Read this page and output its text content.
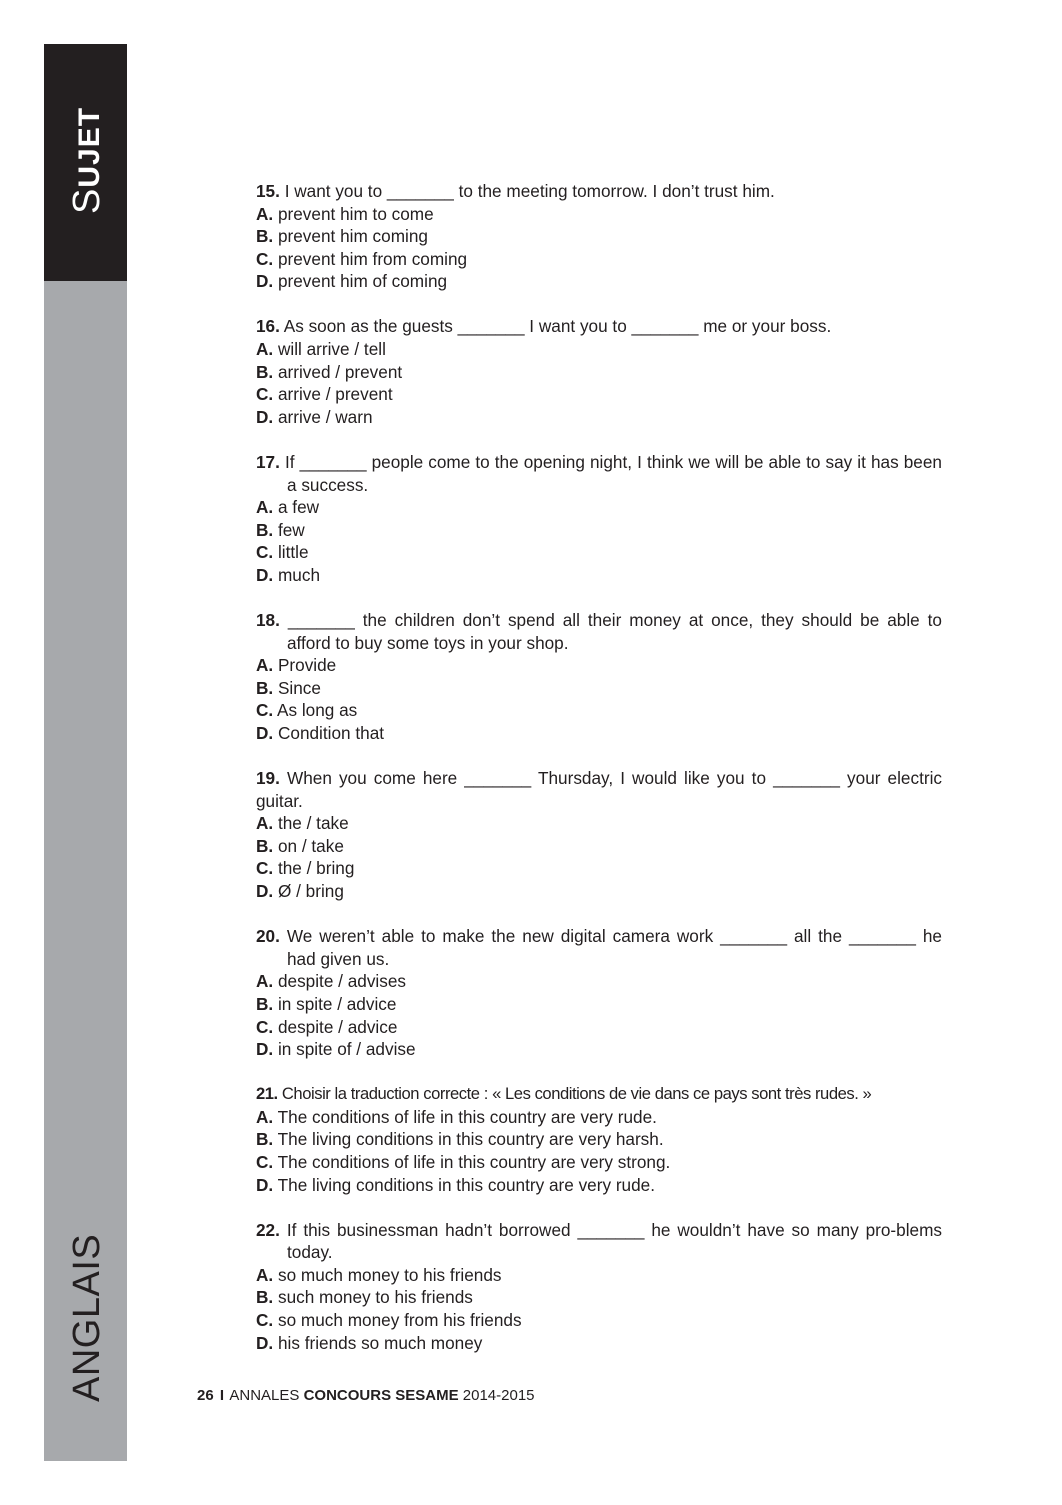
SUJET
ANGLAIS
15. I want you to _______ to the meeting tomorrow. I don’t trust him.
A. prevent him to come
B. prevent him coming
C. prevent him from coming
D. prevent him of coming
16. As soon as the guests _______ I want you to _______ me or your boss.
A. will arrive / tell
B. arrived / prevent
C. arrive / prevent
D. arrive / warn
17. If _______ people come to the opening night, I think we will be able to say it has been a success.
A. a few
B. few
C. little
D. much
18. _______ the children don’t spend all their money at once, they should be able to afford to buy some toys in your shop.
A. Provide
B. Since
C. As long as
D. Condition that
19. When you come here _______ Thursday, I would like you to _______ your electric guitar.
A. the / take
B. on / take
C. the / bring
D. Ø / bring
20. We weren’t able to make the new digital camera work _______ all the _______ he had given us.
A. despite / advises
B. in spite / advice
C. despite / advice
D. in spite of / advise
21. Choisir la traduction correcte : « Les conditions de vie dans ce pays sont très rudes. »
A. The conditions of life in this country are very rude.
B. The living conditions in this country are very harsh.
C. The conditions of life in this country are very strong.
D. The living conditions in this country are very rude.
22. If this businessman hadn’t borrowed _______ he wouldn’t have so many pro-blems today.
A. so much money to his friends
B. such money to his friends
C. so much money from his friends
D. his friends so much money
26 I ANNALES CONCOURS SESAME 2014-2015
